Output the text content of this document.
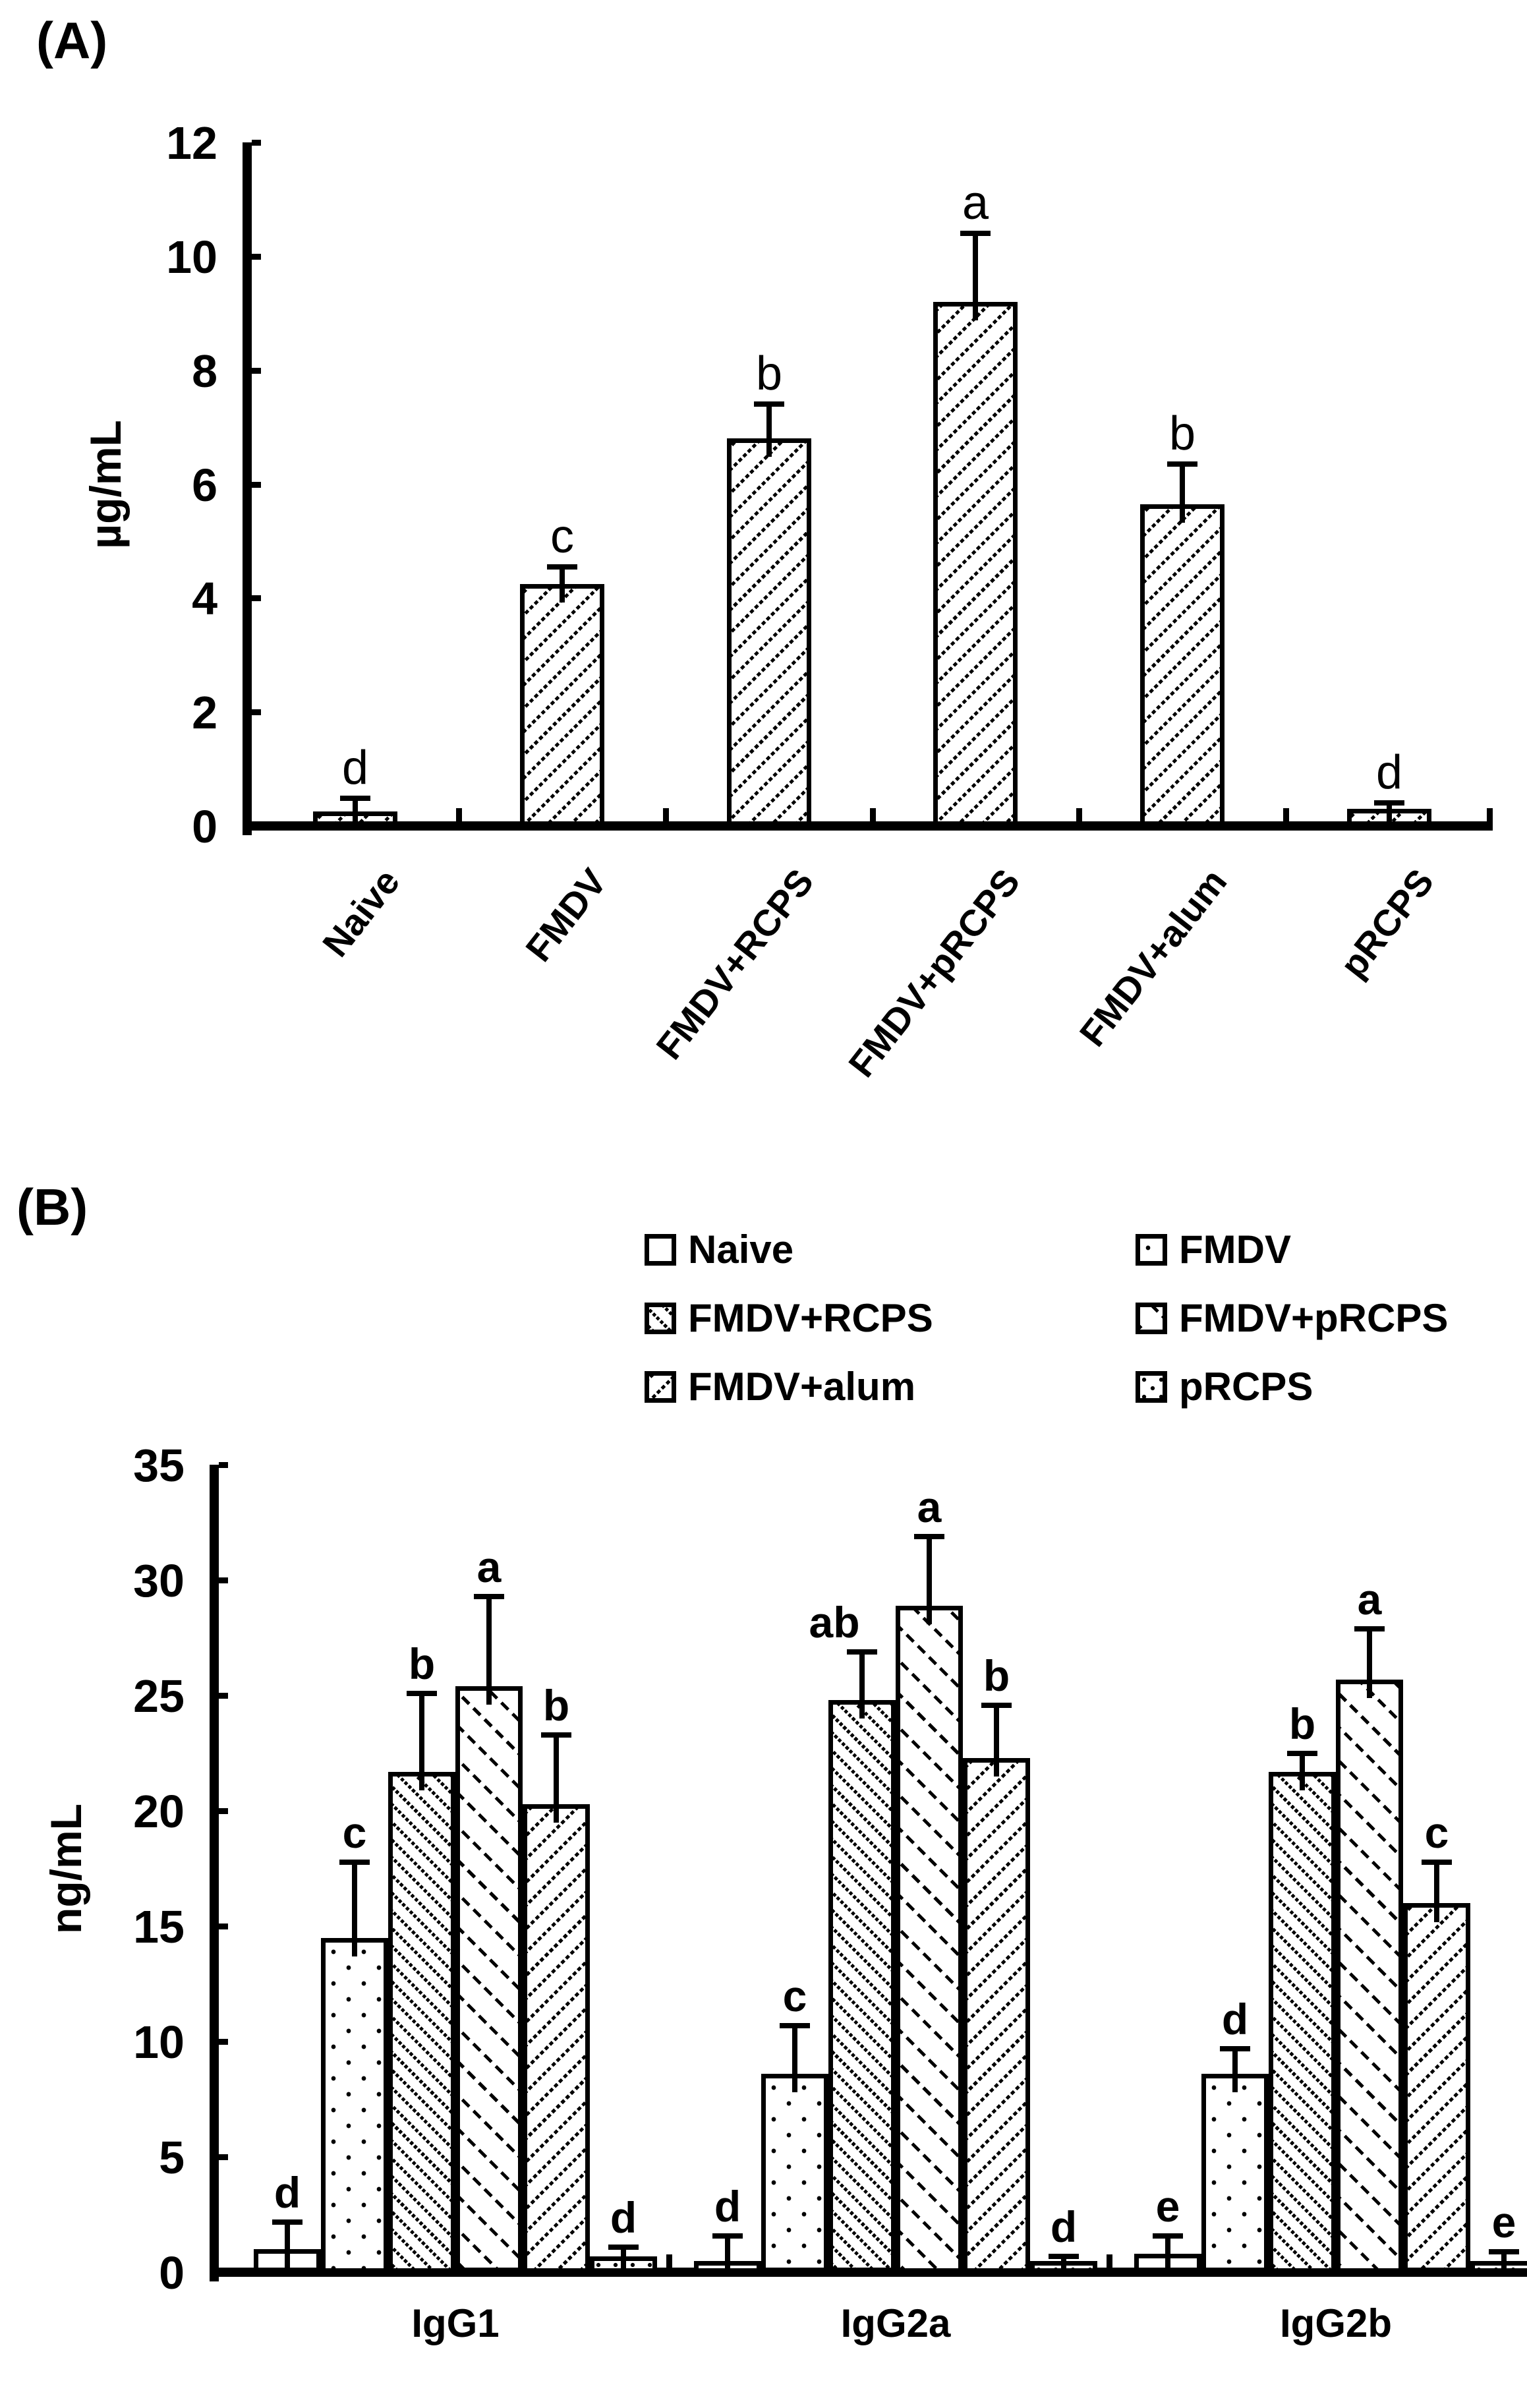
(A)
µg/mL
0
2
4
6
8
10
12
d
Naive
c
FMDV
b
FMDV+RCPS
a
FMDV+pRCPS
b
FMDV+alum
d
pRCPS
(B)
Naive	FMDV
FMDV+RCPS	FMDV+pRCPS
FMDV+alum	pRCPS
ng/mL
0
5
10
15
20
25
30
35
d
c
b
a
b
d
IgG1
d
c
ab
a
b
d
IgG2a
e
d
b
a
c
e
IgG2b
